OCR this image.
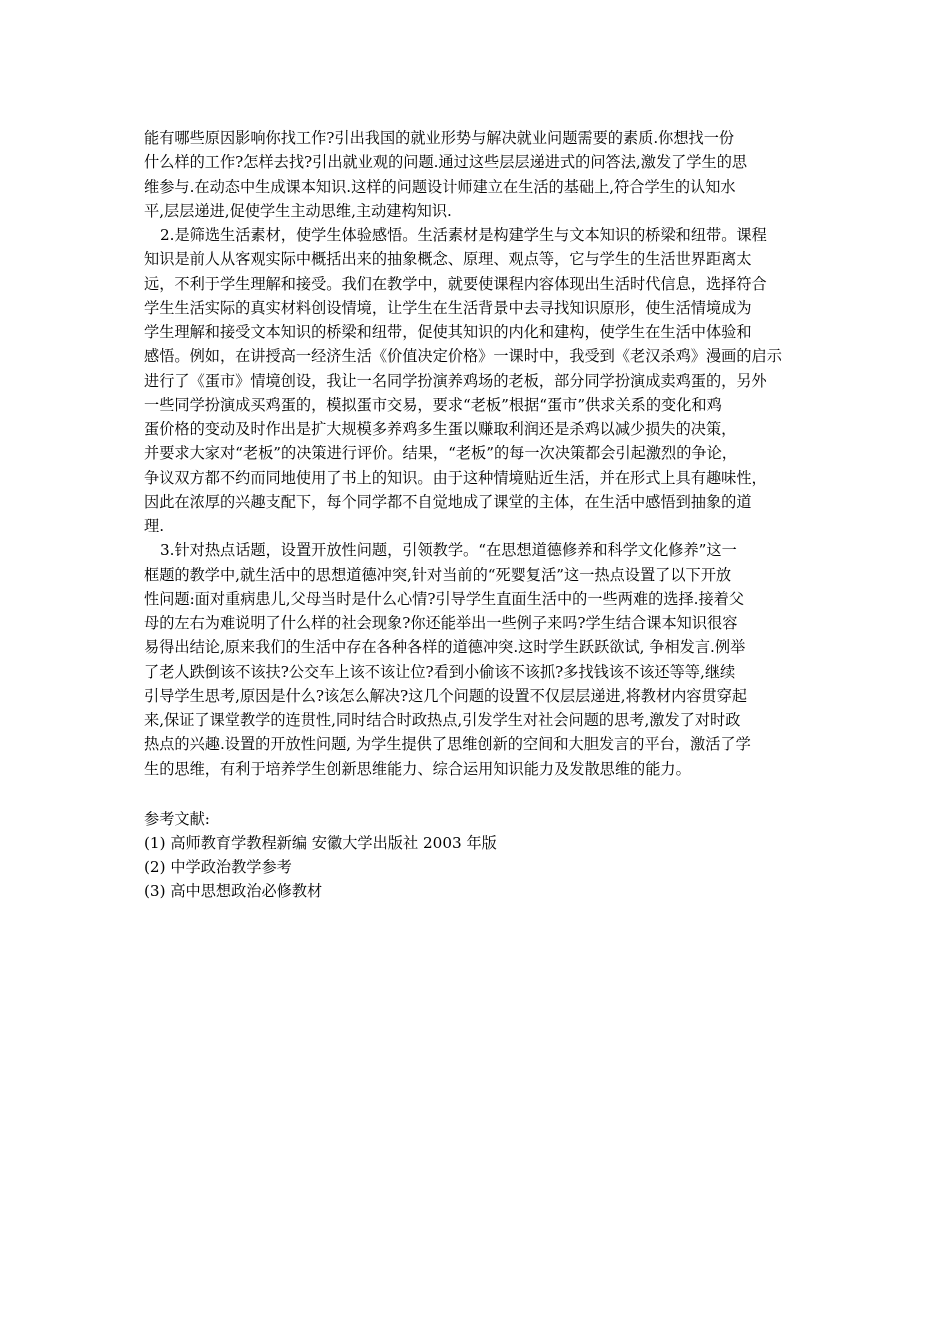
能有哪些原因影响你找工作?引出我国的就业形势与解决就业问题需要的素质.你想找一份
什么样的工作?怎样去找?引出就业观的问题.通过这些层层递进式的问答法,激发了学生的思
维参与.在动态中生成课本知识.这样的问题设计师建立在生活的基础上,符合学生的认知水
平,层层递进,促使学生主动思维,主动建构知识.
2.是筛选生活素材，使学生体验感悟。生活素材是构建学生与文本知识的桥梁和纽带。课程
知识是前人从客观实际中概括出来的抽象概念、原理、观点等，它与学生的生活世界距离太
远，不利于学生理解和接受。我们在教学中，就要使课程内容体现出生活时代信息，选择符合
学生生活实际的真实材料创设情境，让学生在生活背景中去寻找知识原形，使生活情境成为
学生理解和接受文本知识的桥梁和纽带，促使其知识的内化和建构，使学生在生活中体验和
感悟。例如，在讲授高一经济生活《价值决定价格》一课时中，我受到《老汉杀鸡》漫画的启示
进行了《蛋市》情境创设，我让一名同学扮演养鸡场的老板，部分同学扮演成卖鸡蛋的，另外
一些同学扮演成买鸡蛋的，模拟蛋市交易，要求“老板”根据“蛋市”供求关系的变化和鸡
蛋价格的变动及时作出是扩大规模多养鸡多生蛋以赚取利润还是杀鸡以减少损失的决策，
并要求大家对“老板”的决策进行评价。结果，“老板”的每一次决策都会引起激烈的争论，
争议双方都不约而同地使用了书上的知识。由于这种情境贴近生活，并在形式上具有趣味性，
因此在浓厚的兴趣支配下，每个同学都不自觉地成了课堂的主体，在生活中感悟到抽象的道
理.
3.针对热点话题，设置开放性问题，引领教学。“在思想道德修养和科学文化修养”这一
框题的教学中,就生活中的思想道德冲突,针对当前的“死婴复活”这一热点设置了以下开放
性问题:面对重病患儿,父母当时是什么心情?引导学生直面生活中的一些两难的选择.接着父
母的左右为难说明了什么样的社会现象?你还能举出一些例子来吗?学生结合课本知识很容
易得出结论,原来我们的生活中存在各种各样的道德冲突.这时学生跃跃欲试, 争相发言.例举
了老人跌倒该不该扶?公交车上该不该让位?看到小偷该不该抓?多找钱该不该还等等,继续
引导学生思考,原因是什么?该怎么解决?这几个问题的设置不仅层层递进,将教材内容贯穿起
来,保证了课堂教学的连贯性,同时结合时政热点,引发学生对社会问题的思考,激发了对时政
热点的兴趣.设置的开放性问题, 为学生提供了思维创新的空间和大胆发言的平台，激活了学
生的思维，有利于培养学生创新思维能力、综合运用知识能力及发散思维的能力。
参考文献:
(1) 高师教育学教程新编 安徽大学出版社 2003 年版
(2) 中学政治教学参考
(3) 高中思想政治必修教材
